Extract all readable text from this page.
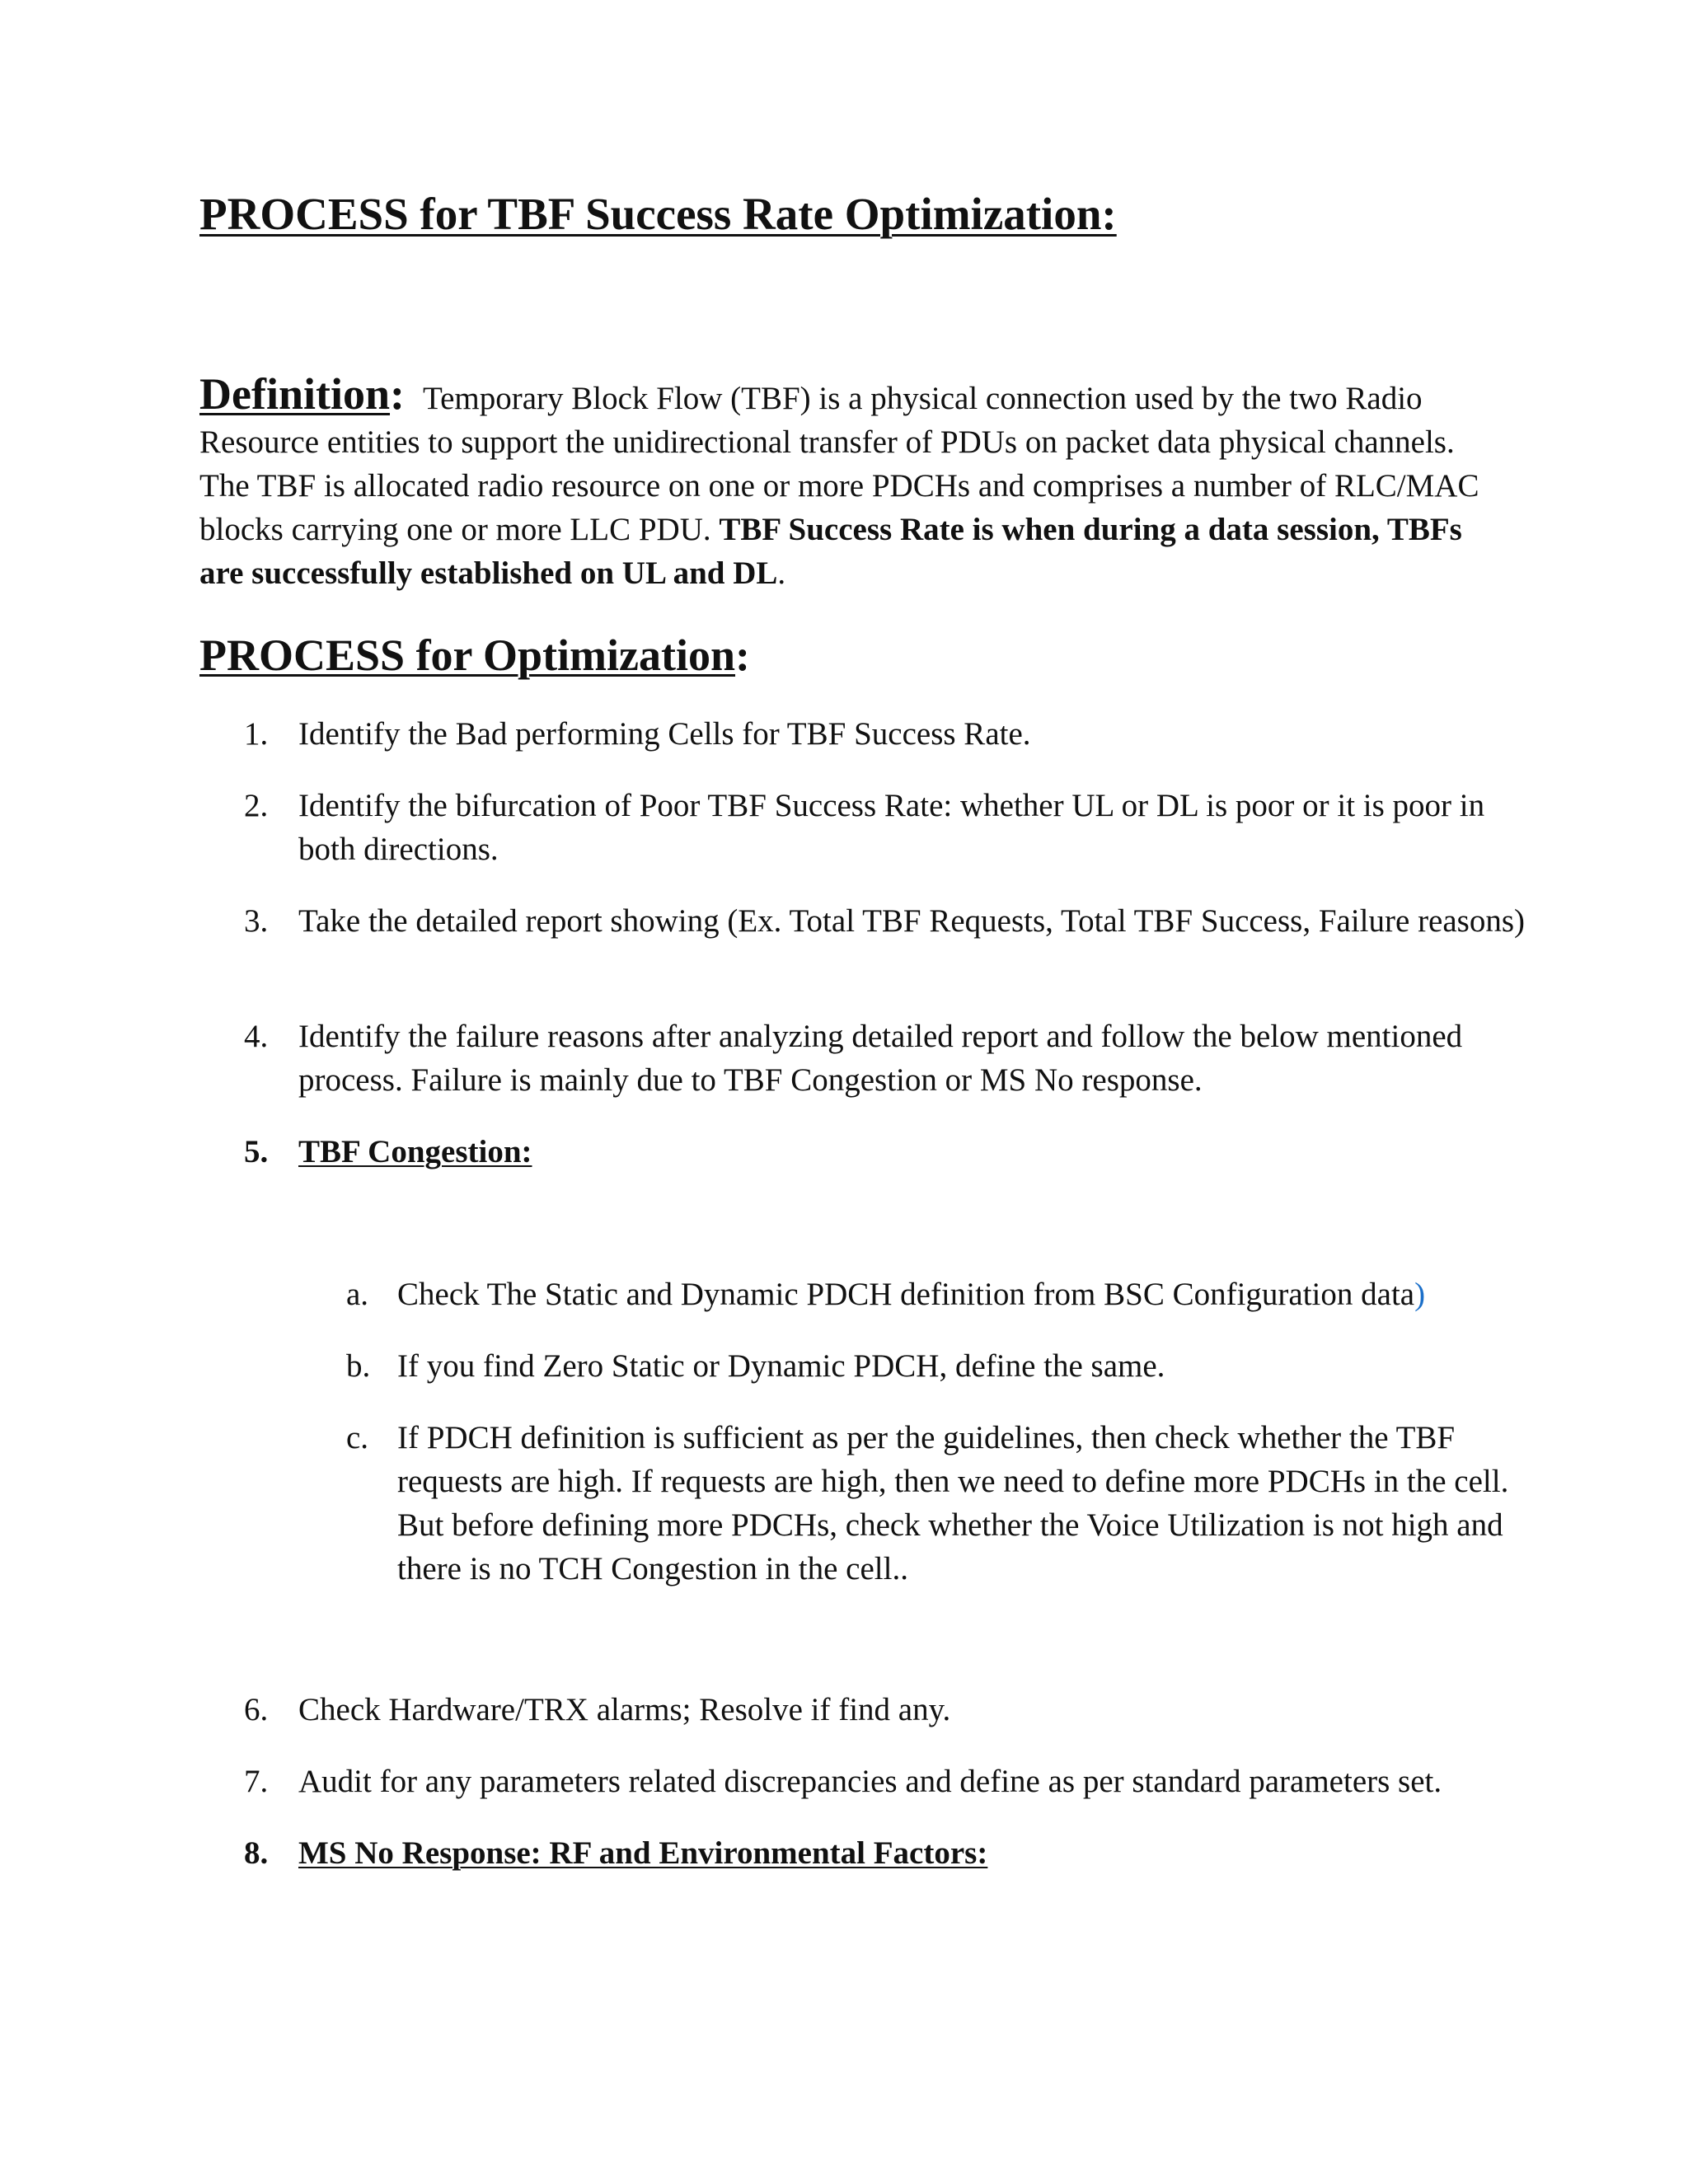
PROCESS for TBF Success Rate Optimization:

Definition: Temporary Block Flow (TBF) is a physical connection used by the two Radio Resource entities to support the unidirectional transfer of PDUs on packet data physical channels. The TBF is allocated radio resource on one or more PDCHs and comprises a number of RLC/MAC blocks carrying one or more LLC PDU. TBF Success Rate is when during a data session, TBFs are successfully established on UL and DL.

PROCESS for Optimization:
1. Identify the Bad performing Cells for TBF Success Rate.
2. Identify the bifurcation of Poor TBF Success Rate: whether UL or DL is poor or it is poor in both directions.
3. Take the detailed report showing (Ex. Total TBF Requests, Total TBF Success, Failure reasons)
4. Identify the failure reasons after analyzing detailed report and follow the below mentioned process. Failure is mainly due to TBF Congestion or MS No response.
5. TBF Congestion:
a. Check The Static and Dynamic PDCH definition from BSC Configuration data)
b. If you find Zero Static or Dynamic PDCH, define the same.
c. If PDCH definition is sufficient as per the guidelines, then check whether the TBF requests are high. If requests are high, then we need to define more PDCHs in the cell. But before defining more PDCHs, check whether the Voice Utilization is not high and there is no TCH Congestion in the cell..
6. Check Hardware/TRX alarms; Resolve if find any.
7. Audit for any parameters related discrepancies and define as per standard parameters set.
8. MS No Response: RF and Environmental Factors:
